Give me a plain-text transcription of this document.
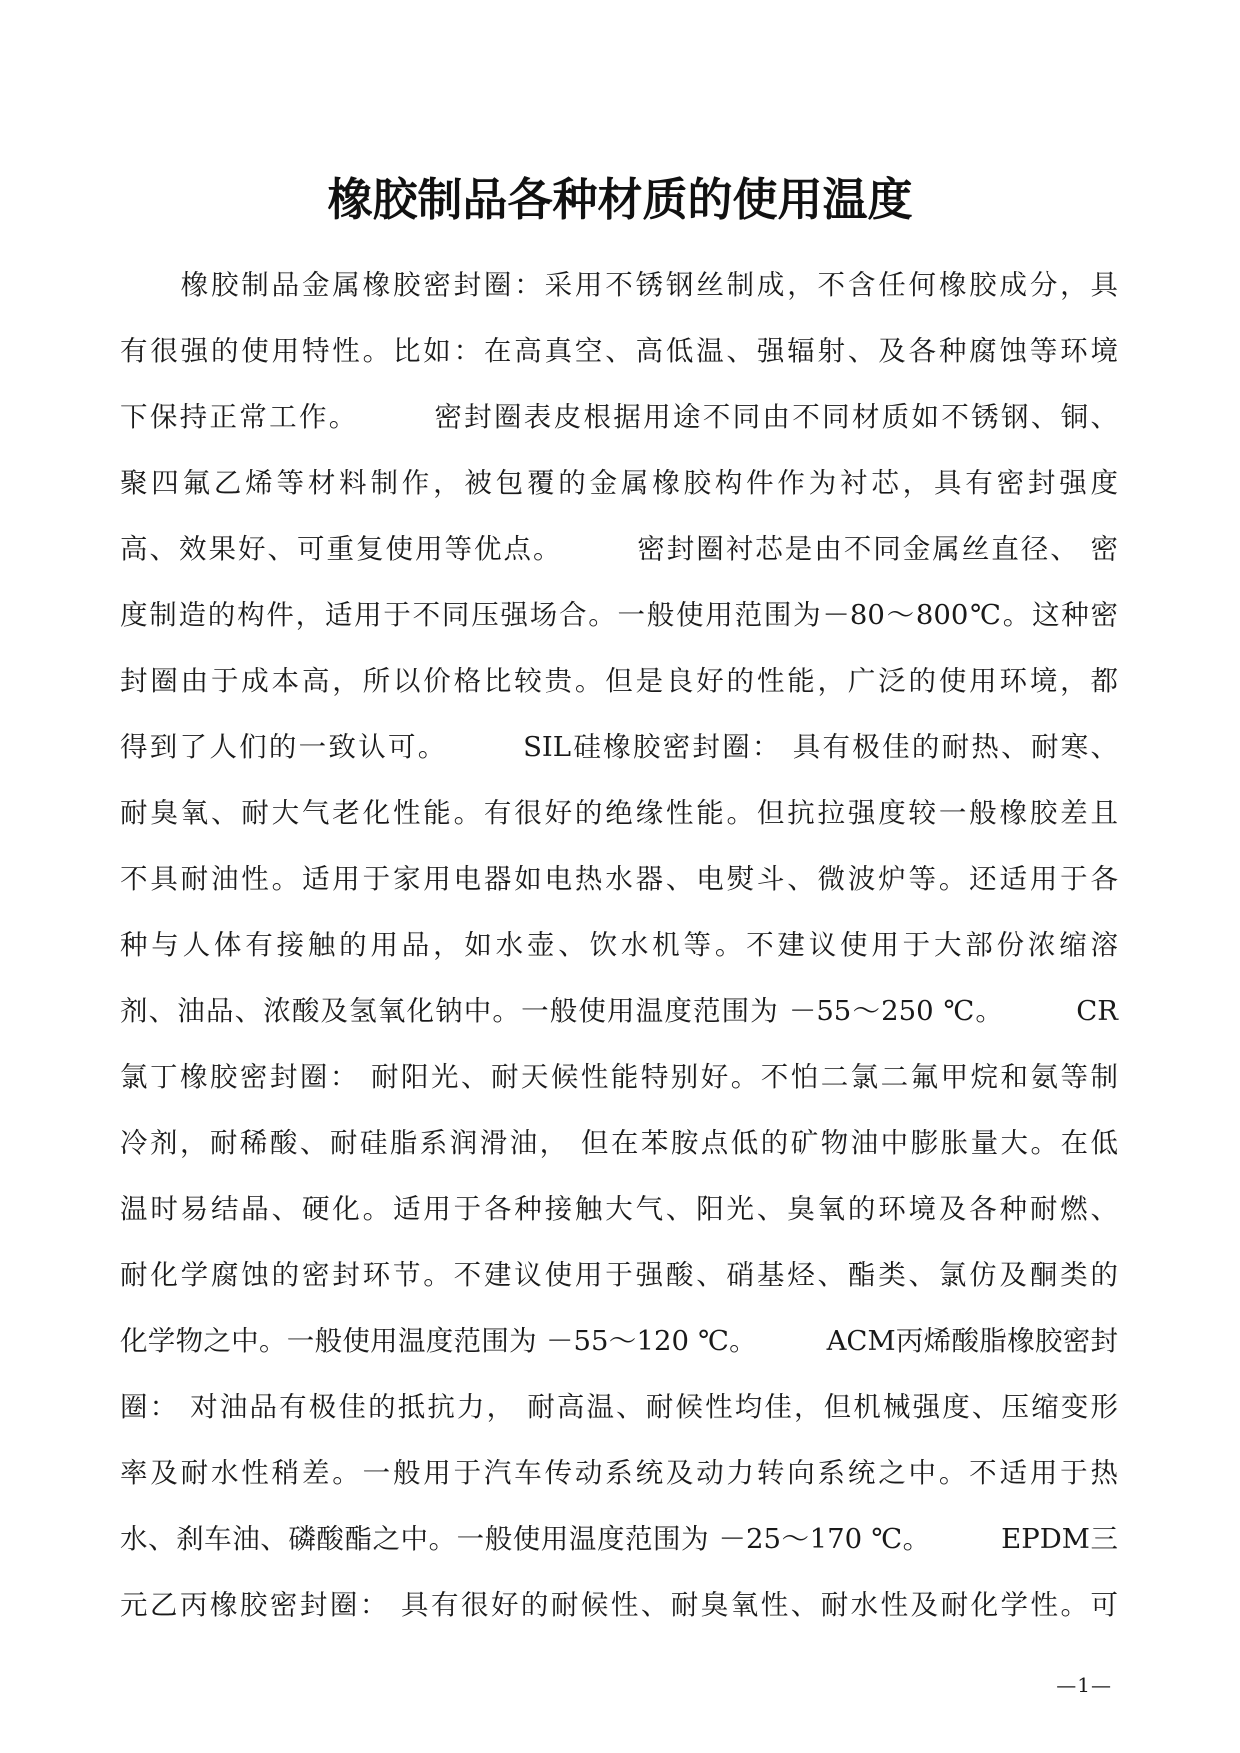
橡胶制品各种材质的使用温度
　　橡胶制品金属橡胶密封圈：采用不锈钢丝制成，不含任何橡胶成分，具
有很强的使用特性。比如：在高真空、高低温、强辐射、及各种腐蚀等环境
下保持正常工作。　　　密封圈表皮根据用途不同由不同材质如不锈钢、铜、
聚四氟乙烯等材料制作，被包覆的金属橡胶构件作为衬芯，具有密封强度
高、效果好、可重复使用等优点。　　　密封圈衬芯是由不同金属丝直径、 密
度制造的构件，适用于不同压强场合。一般使用范围为－80～800℃。这种密
封圈由于成本高，所以价格比较贵。但是良好的性能，广泛的使用环境，都
得到了人们的一致认可。　　　SIL硅橡胶密封圈： 具有极佳的耐热、耐寒、
耐臭氧、耐大气老化性能。有很好的绝缘性能。但抗拉强度较一般橡胶差且
不具耐油性。适用于家用电器如电热水器、电熨斗、微波炉等。还适用于各
种与人体有接触的用品，如水壶、饮水机等。不建议使用于大部份浓缩溶
剂、油品、浓酸及氢氧化钠中。一般使用温度范围为 －55～250 ℃。　　　CR
氯丁橡胶密封圈： 耐阳光、耐天候性能特别好。不怕二氯二氟甲烷和氨等制
冷剂，耐稀酸、耐硅脂系润滑油， 但在苯胺点低的矿物油中膨胀量大。在低
温时易结晶、硬化。适用于各种接触大气、阳光、臭氧的环境及各种耐燃、
耐化学腐蚀的密封环节。不建议使用于强酸、硝基烃、酯类、氯仿及酮类的
化学物之中。一般使用温度范围为 －55～120 ℃。　　　ACM丙烯酸脂橡胶密封
圈： 对油品有极佳的抵抗力， 耐高温、耐候性均佳，但机械强度、压缩变形
率及耐水性稍差。一般用于汽车传动系统及动力转向系统之中。不适用于热
水、刹车油、磷酸酯之中。一般使用温度范围为 －25～170 ℃。　　　EPDM三
元乙丙橡胶密封圈： 具有很好的耐候性、耐臭氧性、耐水性及耐化学性。可
—1—
